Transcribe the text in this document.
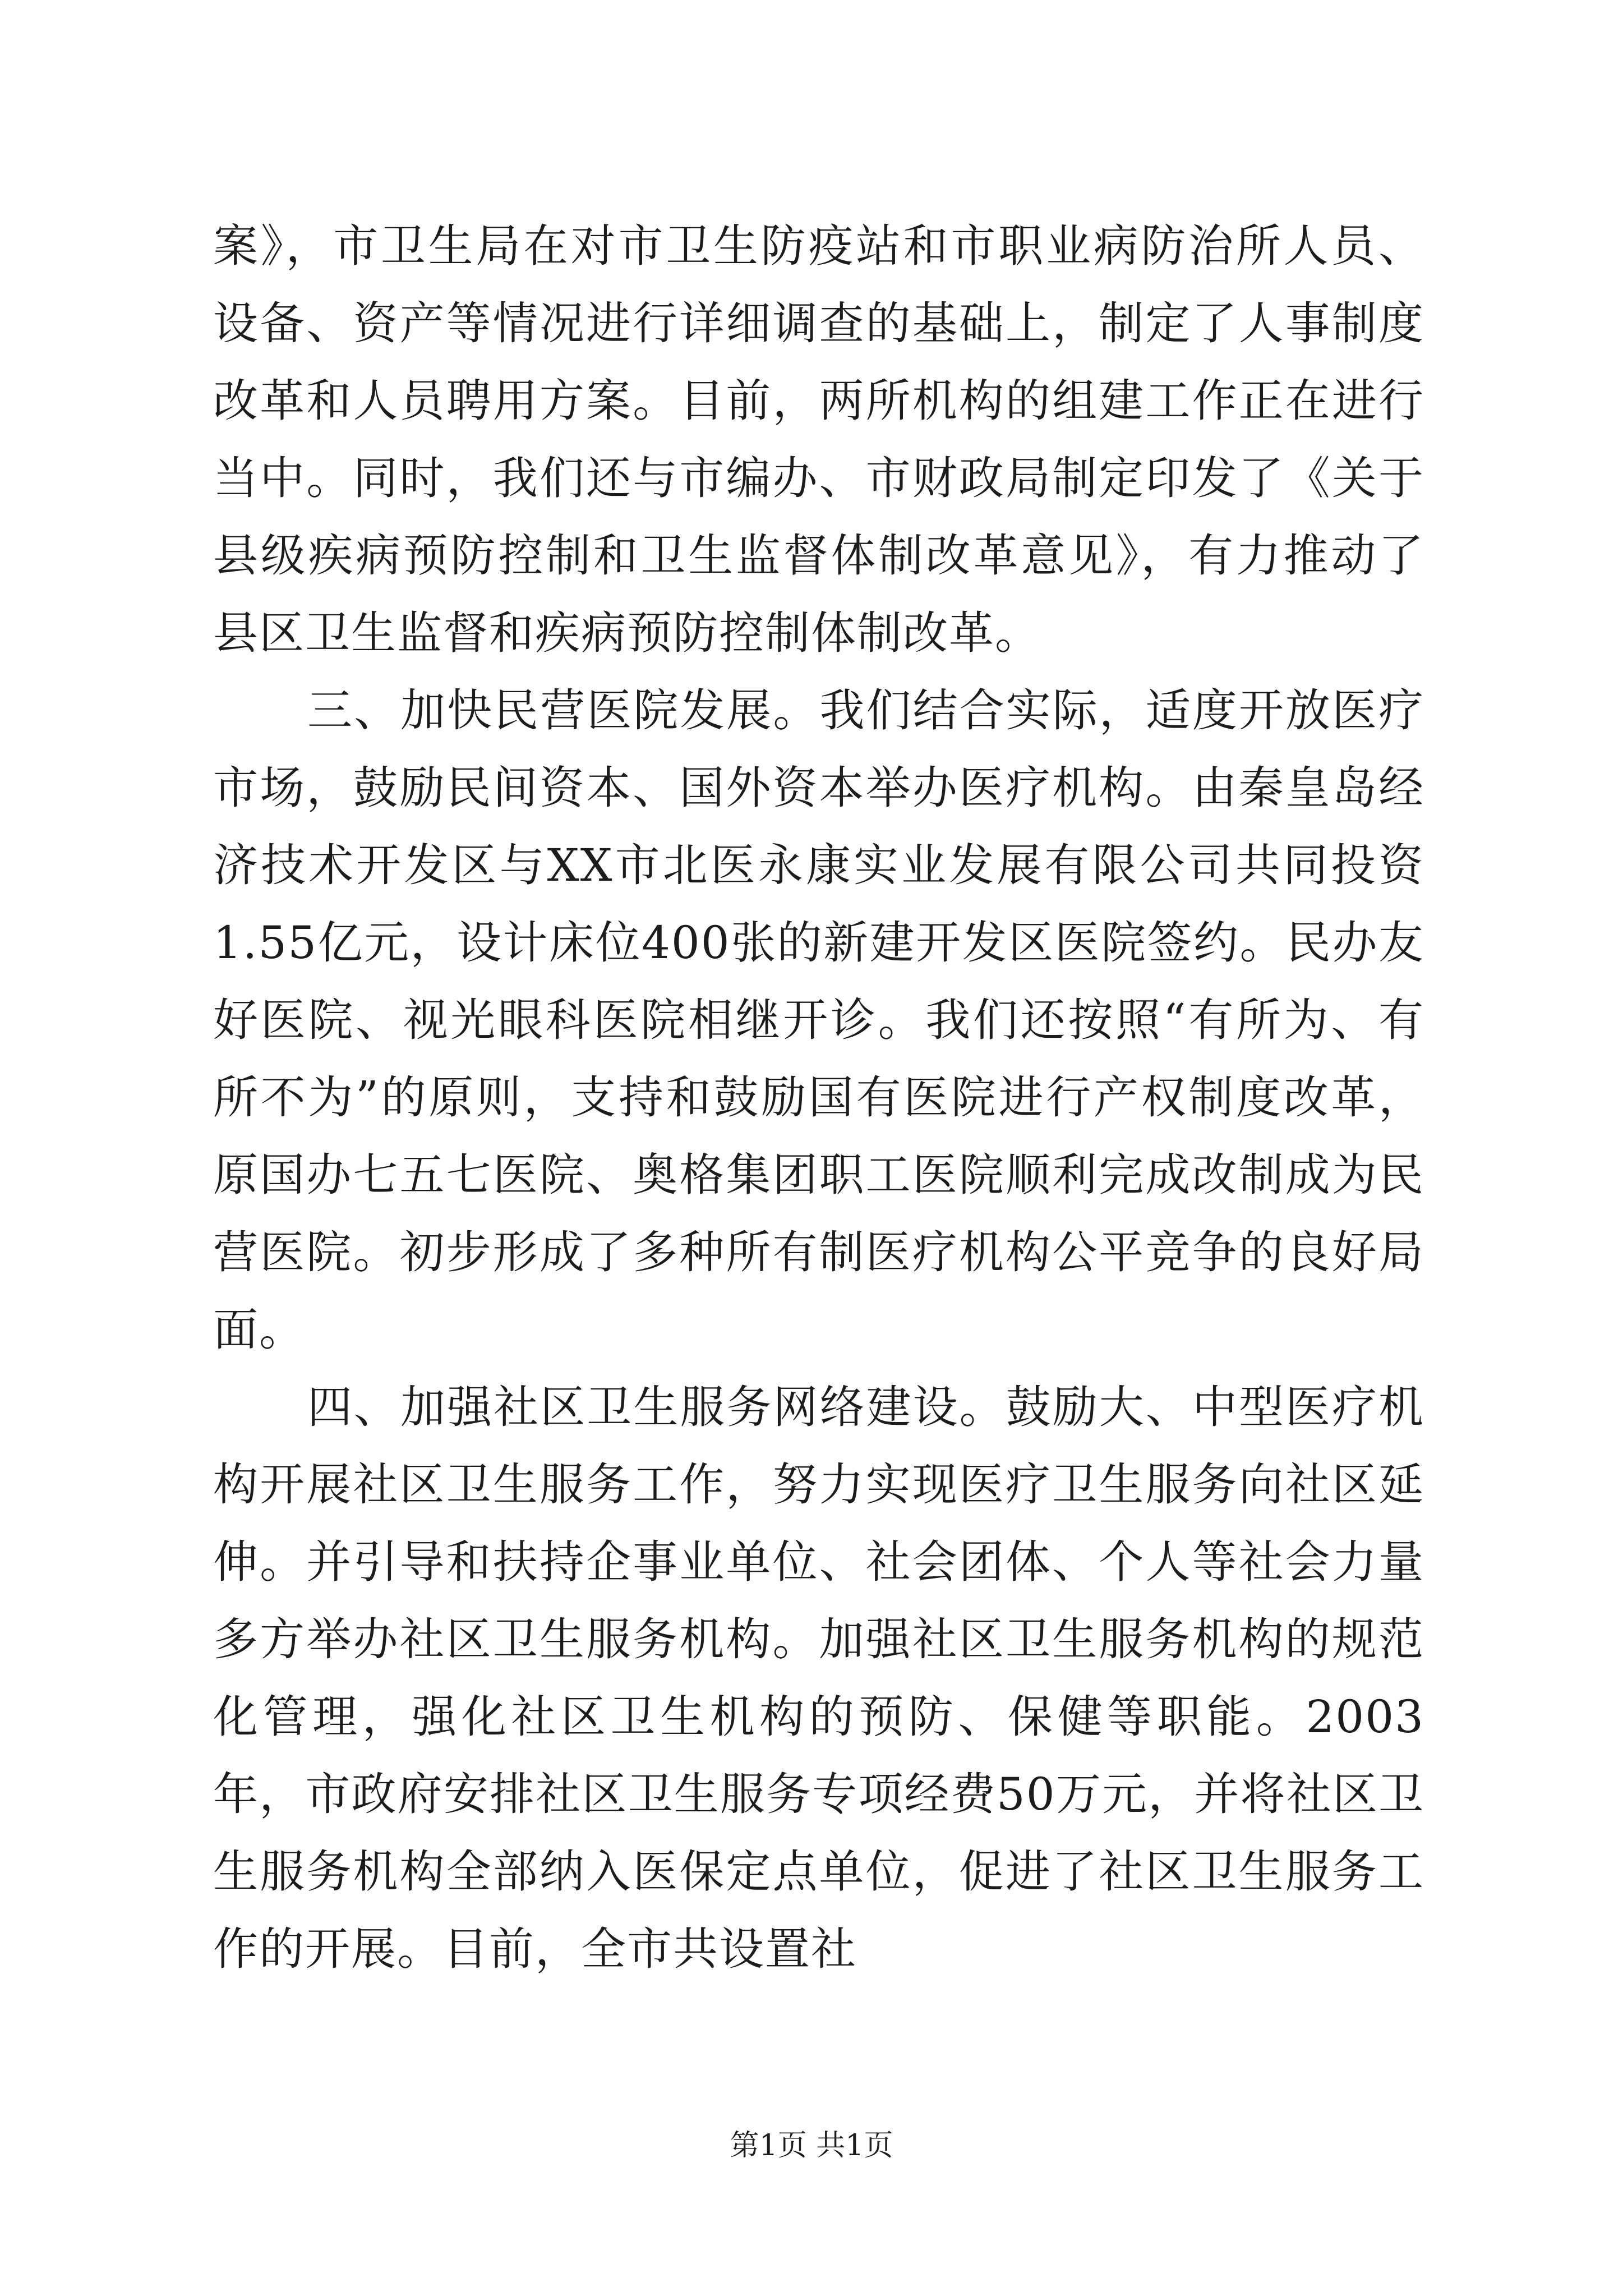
案》，市卫生局在对市卫生防疫站和市职业病防治所人员、设备、资产等情况进行详细调查的基础上，制定了人事制度改革和人员聘用方案。目前，两所机构的组建工作正在进行当中。同时，我们还与市编办、市财政局制定印发了《关于县级疾病预防控制和卫生监督体制改革意见》，有力推动了县区卫生监督和疾病预防控制体制改革。

三、加快民营医院发展。我们结合实际，适度开放医疗市场，鼓励民间资本、国外资本举办医疗机构。由秦皇岛经济技术开发区与XX市北医永康实业发展有限公司共同投资1.55亿元，设计床位400张的新建开发区医院签约。民办友好医院、视光眼科医院相继开诊。我们还按照“有所为、有所不为”的原则，支持和鼓励国有医院进行产权制度改革，原国办七五七医院、奥格集团职工医院顺利完成改制成为民营医院。初步形成了多种所有制医疗机构公平竞争的良好局面。

四、加强社区卫生服务网络建设。鼓励大、中型医疗机构开展社区卫生服务工作，努力实现医疗卫生服务向社区延伸。并引导和扶持企事业单位、社会团体、个人等社会力量多方举办社区卫生服务机构。加强社区卫生服务机构的规范化管理，强化社区卫生机构的预防、保健等职能。2003年，市政府安排社区卫生服务专项经费50万元，并将社区卫生服务机构全部纳入医保定点单位，促进了社区卫生服务工作的开展。目前，全市共设置社

第1页 共1页
